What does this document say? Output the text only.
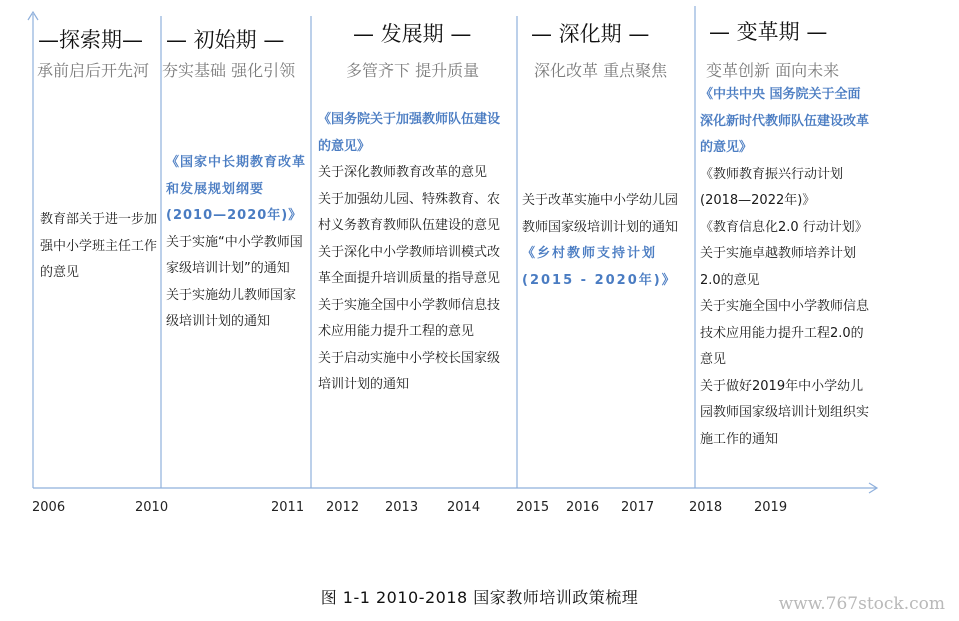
—探索期—
承前启后开先河
— 初始期 —
夯实基础 强化引领
— 发展期 —
多管齐下 提升质量
— 深化期 —
深化改革 重点聚焦
— 变革期 —
变革创新 面向未来

教育部关于进一步加强中小学班主任工作的意见

《国家中长期教育改革和发展规划纲要(2010—2020年)》

关于实施“中小学教师国家级培训计划”的通知

关于实施幼儿教师国家级培训计划的通知

《国务院关于加强教师队伍建设的意见》

关于深化教师教育改革的意见

关于加强幼儿园、特殊教育、农村义务教育教师队伍建设的意见

关于深化中小学教师培训模式改革全面提升培训质量的指导意见

关于实施全国中小学教师信息技术应用能力提升工程的意见

关于启动实施中小学校长国家级培训计划的通知

关于改革实施中小学幼儿园教师国家级培训计划的通知

《乡村教师支持计划(2015 - 2020年)》

《中共中央 国务院关于全面深化新时代教师队伍建设改革的意见》

《教师教育振兴行动计划(2018—2022年)》

《教育信息化2.0 行动计划》

关于实施卓越教师培养计划2.0的意见

关于实施全国中小学教师信息技术应用能力提升工程2.0的意见

关于做好2019年中小学幼儿园教师国家级培训计划组织实施工作的通知

2006	2010	2011 2012 2013 2014	2015 2016 2017	2018 2019
图 1-1 2010-2018 国家教师培训政策梳理	www.767stock.com
